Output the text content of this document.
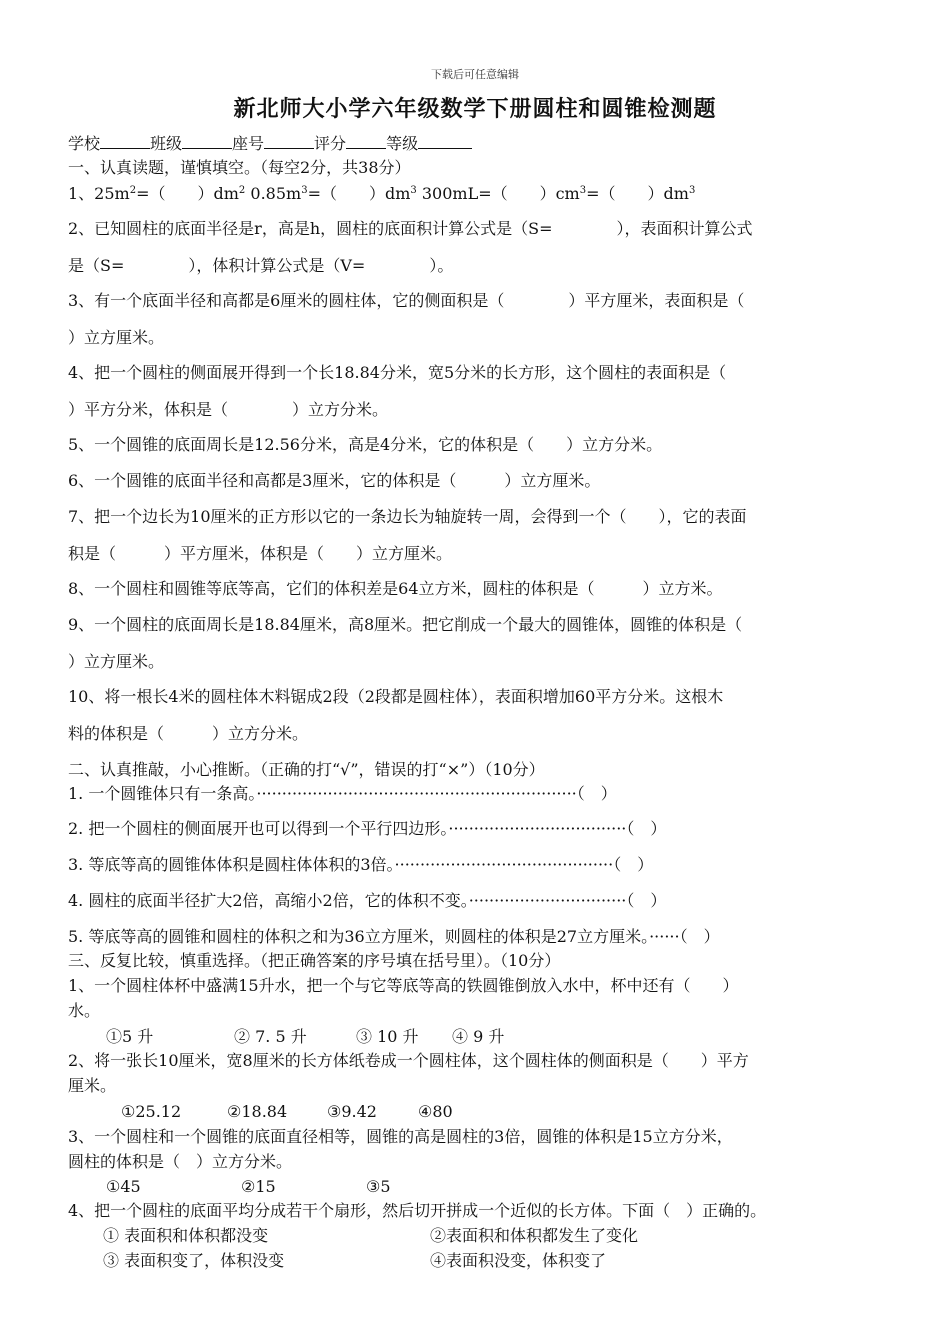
下载后可任意编辑
新北师大小学六年级数学下册圆柱和圆锥检测题
学校	班级	座号	评分	等级
一、认真读题，谨慎填空。（每空2分，共38分）
1、$25m^2=$（　　）$dm^2$ $0.85m^3=$（　　）$dm^3$ 300mL=（　　）$cm^3=$（　　）$dm^3$
2、已知圆柱的底面半径是r，高是h，圆柱的底面积计算公式是（S=　　　　），表面积计算公式
是（S=　　　　），体积计算公式是（V=　　　　）。
3、有一个底面半径和高都是6厘米的圆柱体，它的侧面积是（　　　　）平方厘米，表面积是（
）立方厘米。
4、把一个圆柱的侧面展开得到一个长18.84分米，宽5分米的长方形，这个圆柱的表面积是（
）平方分米，体积是（　　　　）立方分米。
5、一个圆锥的底面周长是12.56分米，高是4分米，它的体积是（　　）立方分米。
6、一个圆锥的底面半径和高都是3厘米，它的体积是（　　　）立方厘米。
7、把一个边长为10厘米的正方形以它的一条边长为轴旋转一周，会得到一个（　　），它的表面
积是（　　　）平方厘米，体积是（　　）立方厘米。
8、一个圆柱和圆锥等底等高，它们的体积差是64立方米，圆柱的体积是（　　　）立方米。
9、一个圆柱的底面周长是18.84厘米，高8厘米。把它削成一个最大的圆锥体，圆锥的体积是（
）立方厘米。
10、将一根长4米的圆柱体木料锯成2段（2段都是圆柱体），表面积增加60平方分米。这根木
料的体积是（　　　）立方分米。
二、认真推敲，小心推断。（正确的打“√”，错误的打“×”）（10分）
1. 一个圆锥体只有一条高。·······························································（　）
2. 把一个圆柱的侧面展开也可以得到一个平行四边形。···································（　）
3. 等底等高的圆锥体体积是圆柱体体积的3倍。···········································（　）
4. 圆柱的底面半径扩大2倍，高缩小2倍，它的体积不变。·······························（　）
5. 等底等高的圆锥和圆柱的体积之和为36立方厘米，则圆柱的体积是27立方厘米。······（　）
三、反复比较，慎重选择。（把正确答案的序号填在括号里）。（10分）
1、一个圆柱体杯中盛满15升水，把一个与它等底等高的铁圆锥倒放入水中，杯中还有（　　）
水。
①5 升	② 7. 5 升	③ 10 升 ④ 9 升
2、将一张长10厘米，宽8厘米的长方体纸卷成一个圆柱体，这个圆柱体的侧面积是（　　）平方
厘米。
①25.12	②18.84 ③9.42	④80
3、一个圆柱和一个圆锥的底面直径相等，圆锥的高是圆柱的3倍，圆锥的体积是15立方分米，
圆柱的体积是（　）立方分米。
①45	②15	③5
4、把一个圆柱的底面平均分成若干个扇形，然后切开拼成一个近似的长方体。下面（　）正确的。
① 表面积和体积都没变	②表面积和体积都发生了变化
③ 表面积变了，体积没变	④表面积没变，体积变了
